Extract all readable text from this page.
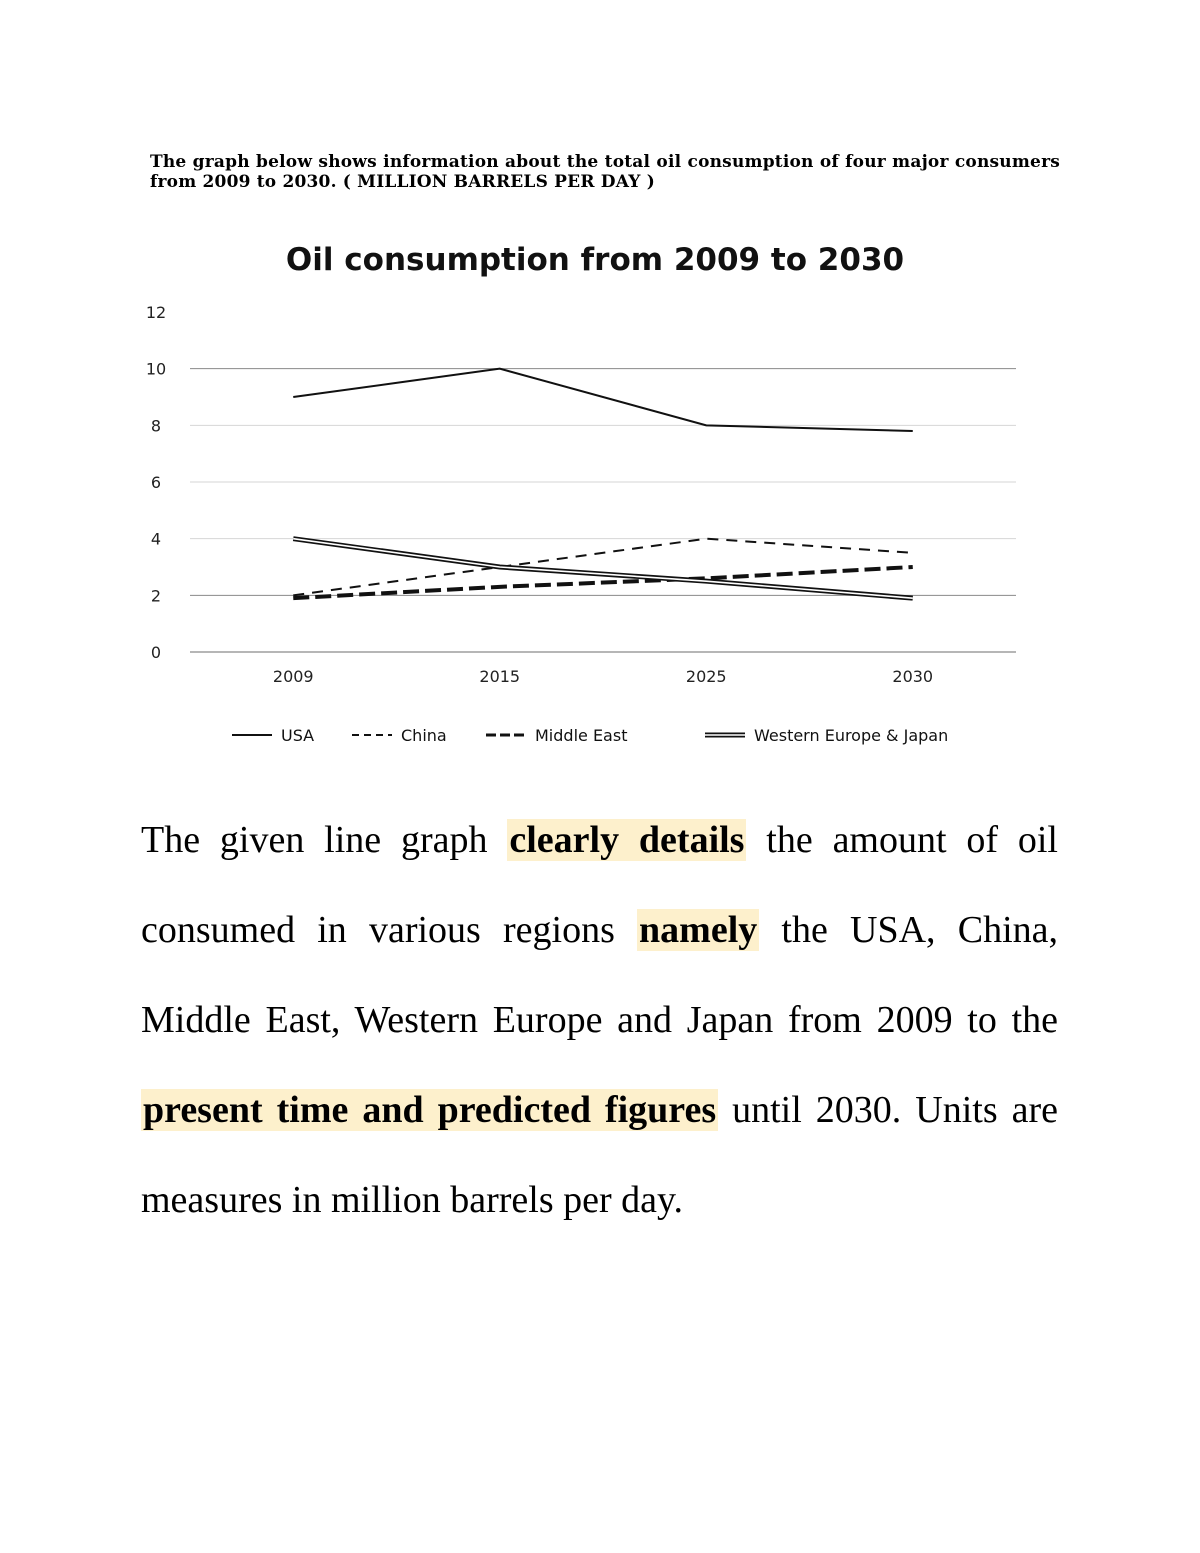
The graph below shows information about the total oil consumption of four major consumers from 2009 to 2030. ( MILLION BARRELS PER DAY )
Oil consumption from 2009 to 2030
0
2
4
6
8
10
12
2009	2015	2025	2030
USA	China	Middle East	Western Europe & Japan
The given line graph clearly details the amount of oil consumed in various regions namely the USA, China, Middle East, Western Europe and Japan from 2009 to the present time and predicted figures until 2030. Units are measures in million barrels per day.
